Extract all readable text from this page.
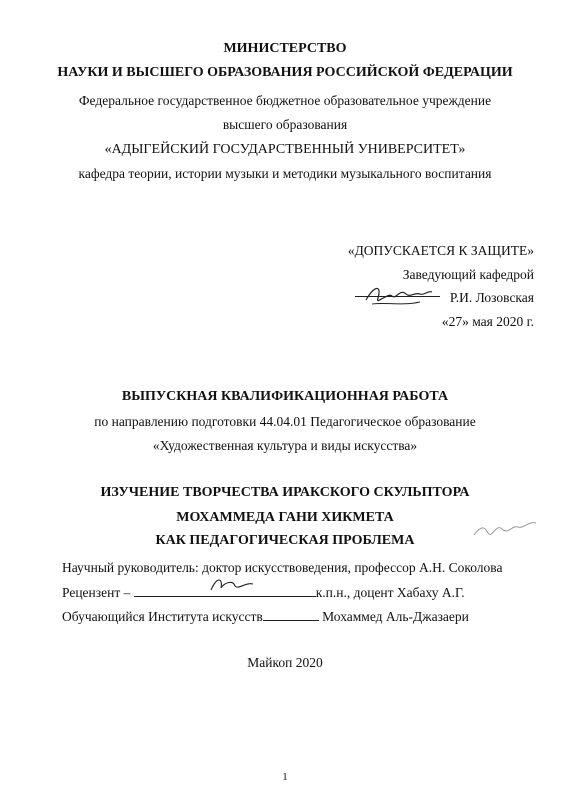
МИНИСТЕРСТВО
НАУКИ И ВЫСШЕГО ОБРАЗОВАНИЯ РОССИЙСКОЙ ФЕДЕРАЦИИ
Федеральное государственное бюджетное образовательное учреждение
высшего образования
«АДЫГЕЙСКИЙ ГОСУДАРСТВЕННЫЙ УНИВЕРСИТЕТ»
кафедра теории, истории музыки и методики музыкального воспитания
«ДОПУСКАЕТСЯ К ЗАЩИТЕ»
Заведующий кафедрой
Р.И. Лозовская
«27» мая 2020 г.
ВЫПУСКНАЯ КВАЛИФИКАЦИОННАЯ РАБОТА
по направлению подготовки 44.04.01 Педагогическое образование
«Художественная культура и виды искусства»
ИЗУЧЕНИЕ ТВОРЧЕСТВА ИРАКСКОГО СКУЛЬПТОРА
МОХАММЕДА ГАНИ ХИКМЕТА
КАК ПЕДАГОГИЧЕСКАЯ ПРОБЛЕМА
Научный руководитель: доктор искусствоведения, профессор А.Н. Соколова
Рецензент –	к.п.н., доцент Хабаху А.Г.
Обучающийся Института искусств	Мохаммед Аль-Джазаери
Майкоп 2020
1
